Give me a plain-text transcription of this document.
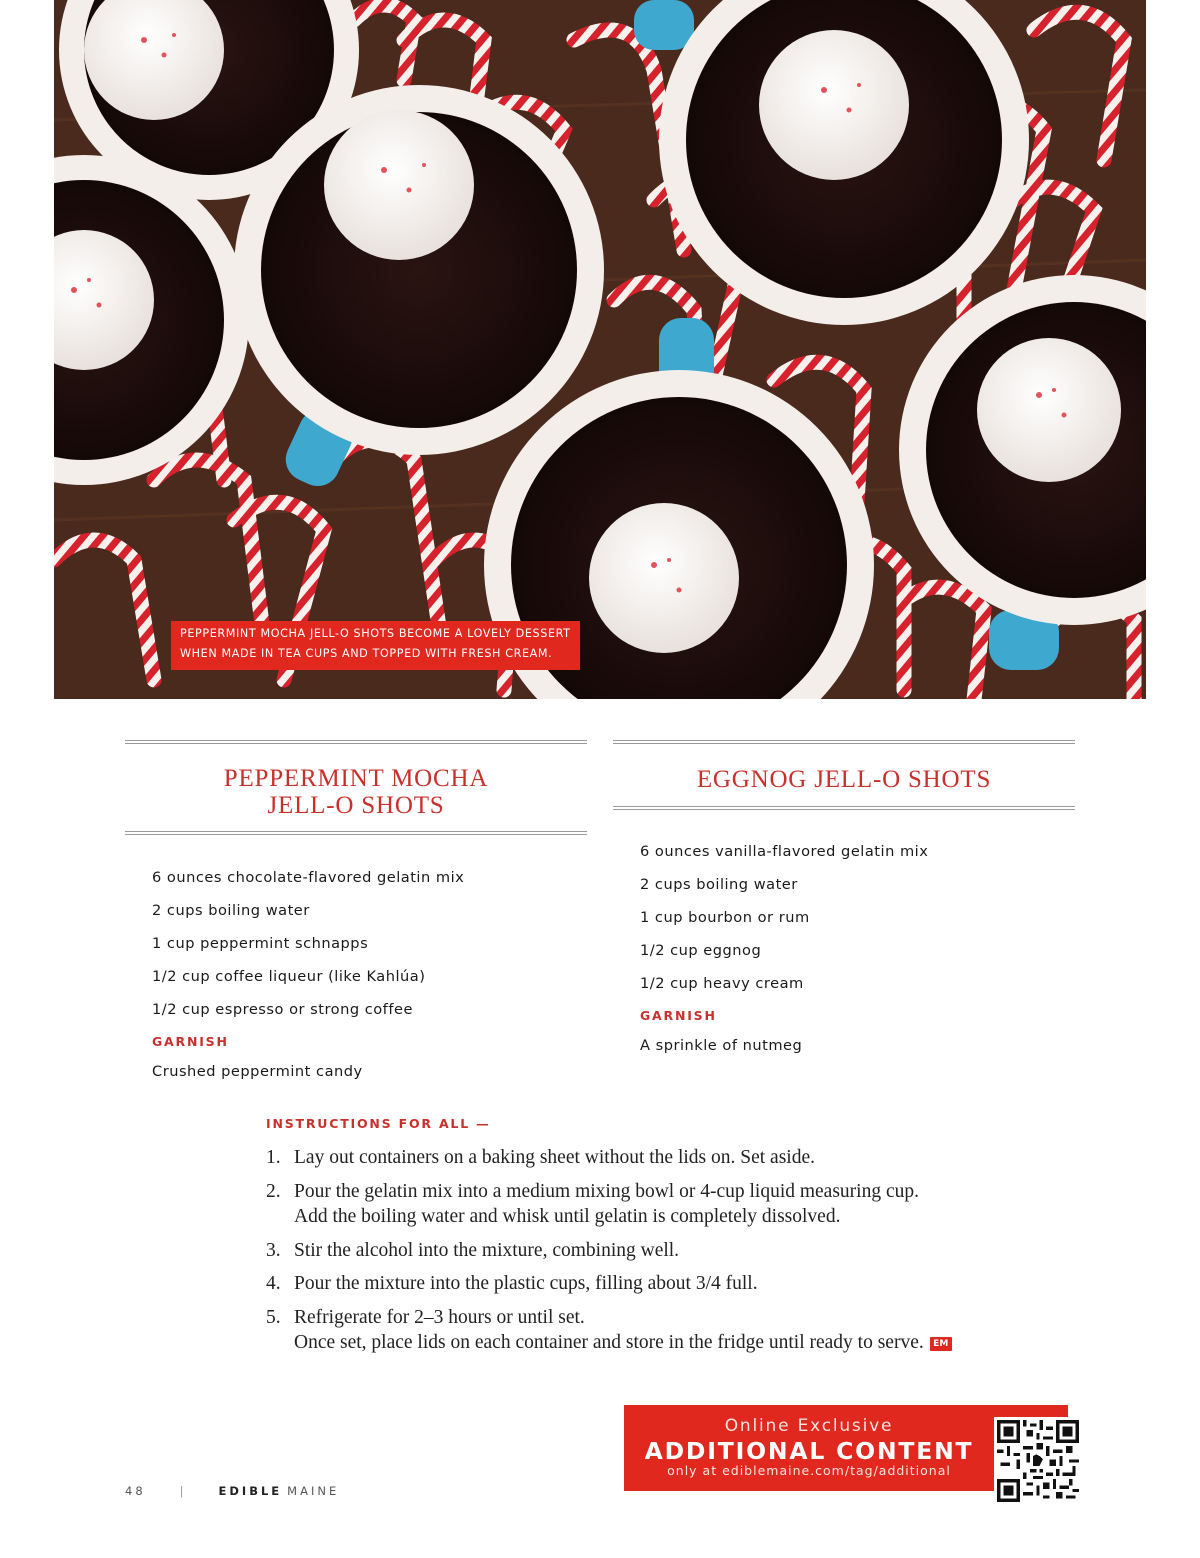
PEPPERMINT MOCHA JELL-O SHOTS BECOME A LOVELY DESSERT
WHEN MADE IN TEA CUPS AND TOPPED WITH FRESH CREAM.
PEPPERMINT MOCHA
JELL-O SHOTS
6 ounces chocolate-flavored gelatin mix
2 cups boiling water
1 cup peppermint schnapps
1/2 cup coffee liqueur (like Kahlúa)
1/2 cup espresso or strong coffee
GARNISH
Crushed peppermint candy
EGGNOG JELL-O SHOTS
6 ounces vanilla-flavored gelatin mix
2 cups boiling water
1 cup bourbon or rum
1/2 cup eggnog
1/2 cup heavy cream
GARNISH
A sprinkle of nutmeg
INSTRUCTIONS FOR ALL —
1. Lay out containers on a baking sheet without the lids on. Set aside.
2. Pour the gelatin mix into a medium mixing bowl or 4-cup liquid measuring cup.
Add the boiling water and whisk until gelatin is completely dissolved.
3. Stir the alcohol into the mixture, combining well.
4. Pour the mixture into the plastic cups, filling about 3/4 full.
5. Refrigerate for 2–3 hours or until set.
Once set, place lids on each container and store in the fridge until ready to serve. EM
Online Exclusive
ADDITIONAL CONTENT
only at ediblemaine.com/tag/additional
48	|	EDIBLE MAINE
